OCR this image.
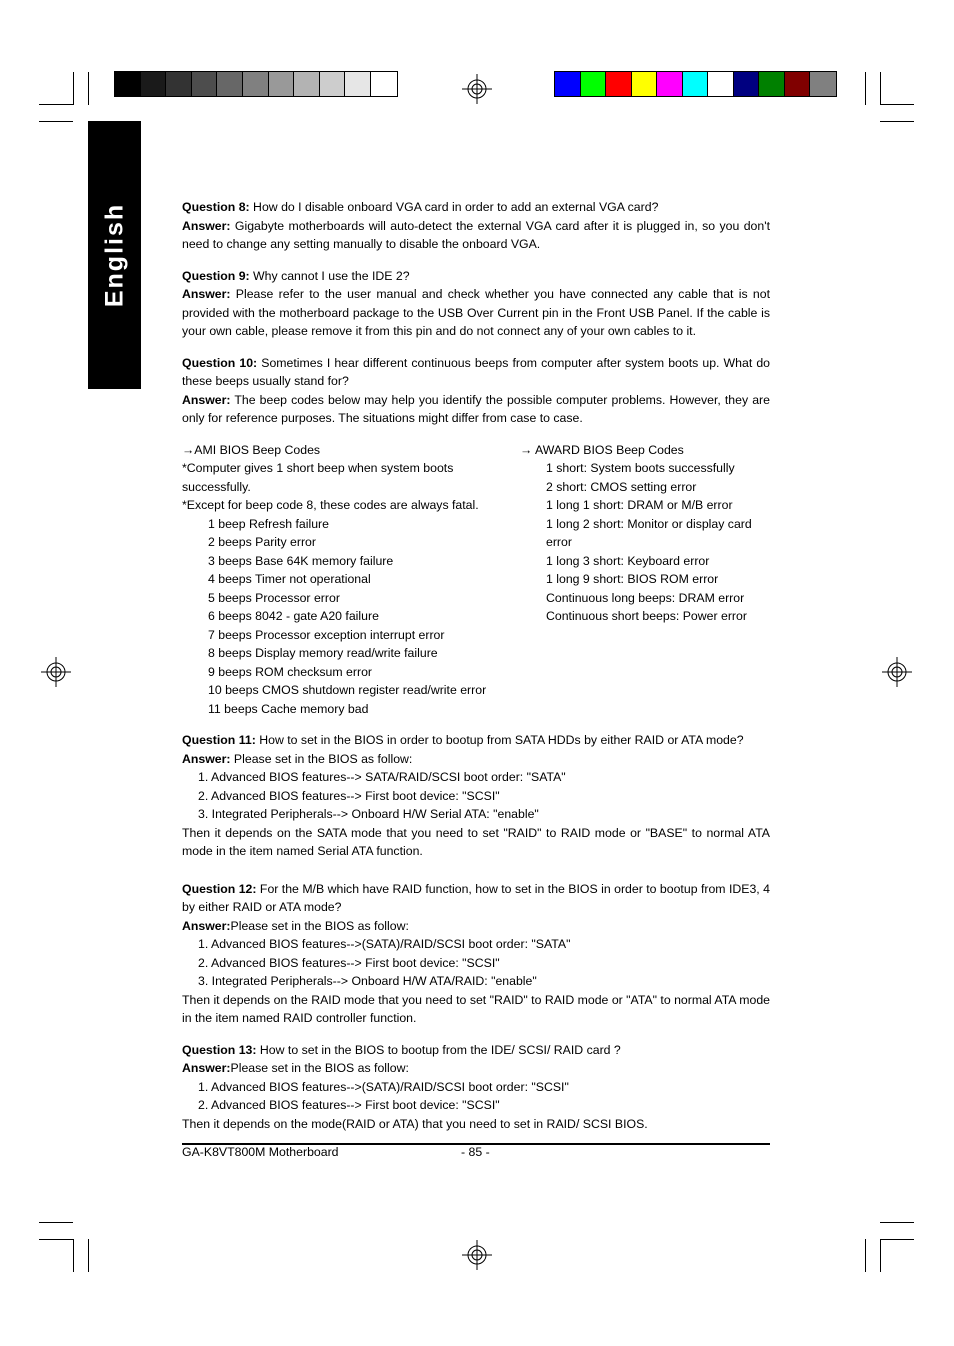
English	Question 8: How do I disable onboard VGA card in order to add an external VGA card?

Answer: Gigabyte motherboards will auto-detect the external VGA card after it is plugged in, so you don't need to change any setting manually to disable the onboard VGA.

Question 9: Why cannot I use the IDE 2?

Answer: Please refer to the user manual and check whether you have connected any cable that is not provided with the motherboard package to the USB Over Current pin in the Front USB Panel. If the cable is your own cable, please remove it from this pin and do not connect any of your own cables to it.

Question 10: Sometimes I hear different continuous beeps from computer after system boots up. What do these beeps usually stand for?

Answer: The beep codes below may help you identify the possible computer problems. However, they are only for reference purposes. The situations might differ from case to case.

→AMI BIOS Beep Codes
*Computer gives 1 short beep when system boots successfully.
*Except for beep code 8, these codes are always fatal.
1 beep Refresh failure
2 beeps Parity error
3 beeps Base 64K memory failure
4 beeps Timer not operational
5 beeps Processor error
6 beeps 8042 - gate A20 failure
7 beeps Processor exception interrupt error
8 beeps Display memory read/write failure
9 beeps ROM checksum error
10 beeps CMOS shutdown register read/write error
11 beeps Cache memory bad
→ AWARD BIOS Beep Codes
1 short: System boots successfully
2 short: CMOS setting error
1 long 1 short: DRAM or M/B error
1 long 2 short: Monitor or display card error
1 long 3 short: Keyboard error
1 long 9 short: BIOS ROM error
Continuous long beeps: DRAM error
Continuous short beeps: Power error

Question 11: How to set in the BIOS in order to bootup from SATA HDDs by either RAID or ATA mode?

Answer: Please set in the BIOS as follow:

1. Advanced BIOS features--> SATA/RAID/SCSI boot order: "SATA"
2. Advanced BIOS features--> First boot device: "SCSI"
3. Integrated Peripherals--> Onboard H/W Serial ATA: "enable"

Then it depends on the SATA mode that you need to set "RAID" to RAID mode or "BASE" to normal ATA mode in the item named Serial ATA function.

Question 12: For the M/B which have RAID function, how to set in the BIOS in order to bootup from IDE3, 4 by either RAID or ATA mode?

Answer:Please set in the BIOS as follow:

1. Advanced BIOS features-->(SATA)/RAID/SCSI boot order: "SATA"
2. Advanced BIOS features--> First boot device: "SCSI"
3. Integrated Peripherals--> Onboard H/W ATA/RAID: "enable"

Then it depends on the RAID mode that you need to set "RAID" to RAID mode or "ATA" to normal ATA mode in the item named RAID controller function.

Question 13: How to set in the BIOS to bootup from the IDE/ SCSI/ RAID card ?

Answer:Please set in the BIOS as follow:

1. Advanced BIOS features-->(SATA)/RAID/SCSI boot order: "SCSI"
2. Advanced BIOS features--> First boot device: "SCSI"

Then it depends on the mode(RAID or ATA) that you need to set in RAID/ SCSI BIOS.

GA-K8VT800M Motherboard	- 85 -
